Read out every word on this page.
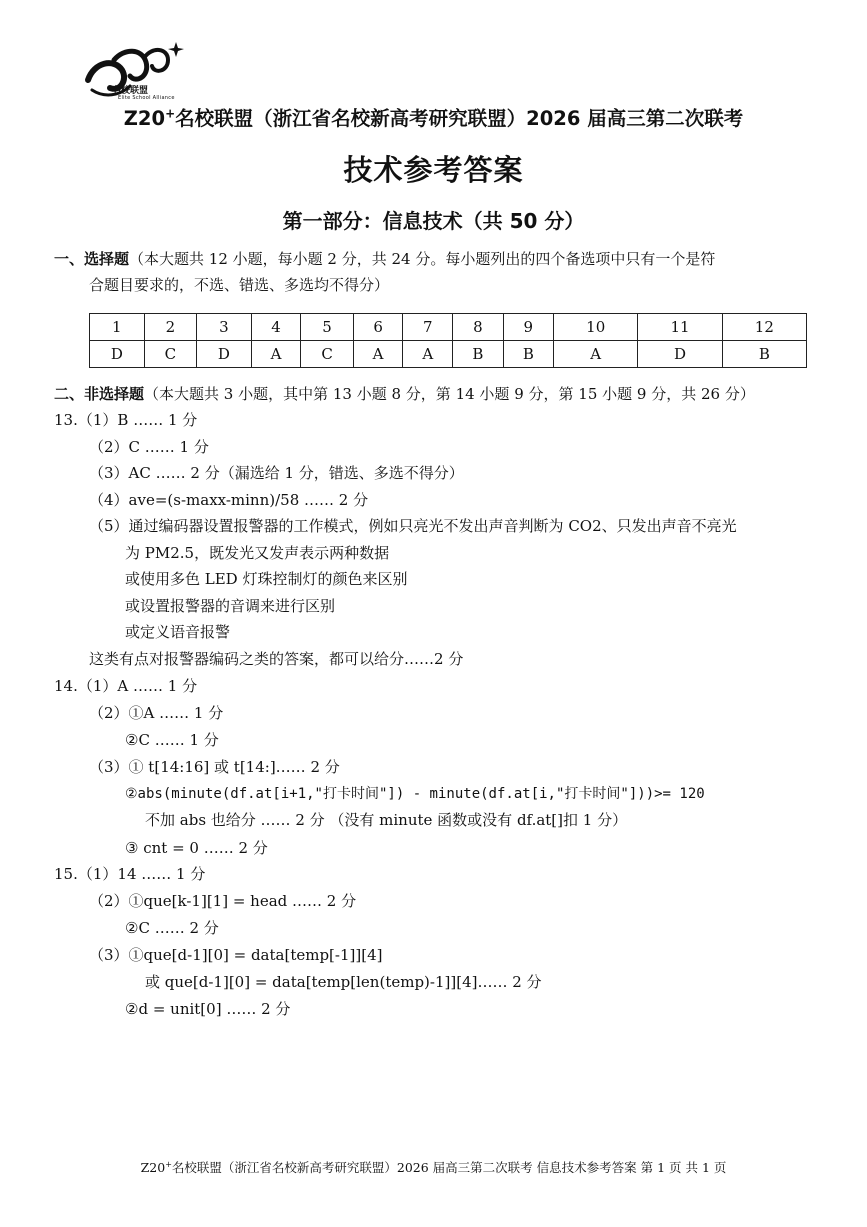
名校联盟
Elite School Alliance
Z20+名校联盟（浙江省名校新高考研究联盟）2026 届高三第二次联考
技术参考答案
第一部分：信息技术（共 50 分）
一、选择题（本大题共 12 小题，每小题 2 分，共 24 分。每小题列出的四个备选项中只有一个是符
合题目要求的，不选、错选、多选均不得分）
1	2	3	4	5	6	7	8	9	10	11	12
D	C	D	A	C	A	A	B	B	A	D	B
二、非选择题（本大题共 3 小题，其中第 13 小题 8 分，第 14 小题 9 分，第 15 小题 9 分，共 26 分）
13.（1）B …… 1 分
（2）C …… 1 分
（3）AC …… 2 分（漏选给 1 分，错选、多选不得分）
（4）ave=(s-maxx-minn)/58 …… 2 分
（5）通过编码器设置报警器的工作模式，例如只亮光不发出声音判断为 CO2、只发出声音不亮光
为 PM2.5，既发光又发声表示两种数据
或使用多色 LED 灯珠控制灯的颜色来区别
或设置报警器的音调来进行区别
或定义语音报警
这类有点对报警器编码之类的答案，都可以给分……2 分
14.（1）A …… 1 分
（2）①A …… 1 分
②C …… 1 分
（3）① t[14:16] 或 t[14:]…… 2 分
②abs(minute(df.at[i+1,"打卡时间"]) - minute(df.at[i,"打卡时间"]))>= 120
不加 abs 也给分 …… 2 分 （没有 minute 函数或没有 df.at[]扣 1 分）
③ cnt = 0 …… 2 分
15.（1）14 …… 1 分
（2）①que[k-1][1] = head …… 2 分
②C …… 2 分
（3）①que[d-1][0] = data[temp[-1]][4]
或 que[d-1][0] = data[temp[len(temp)-1]][4]…… 2 分
②d = unit[0] …… 2 分
Z20+名校联盟（浙江省名校新高考研究联盟）2026 届高三第二次联考 信息技术参考答案 第 1 页 共 1 页
